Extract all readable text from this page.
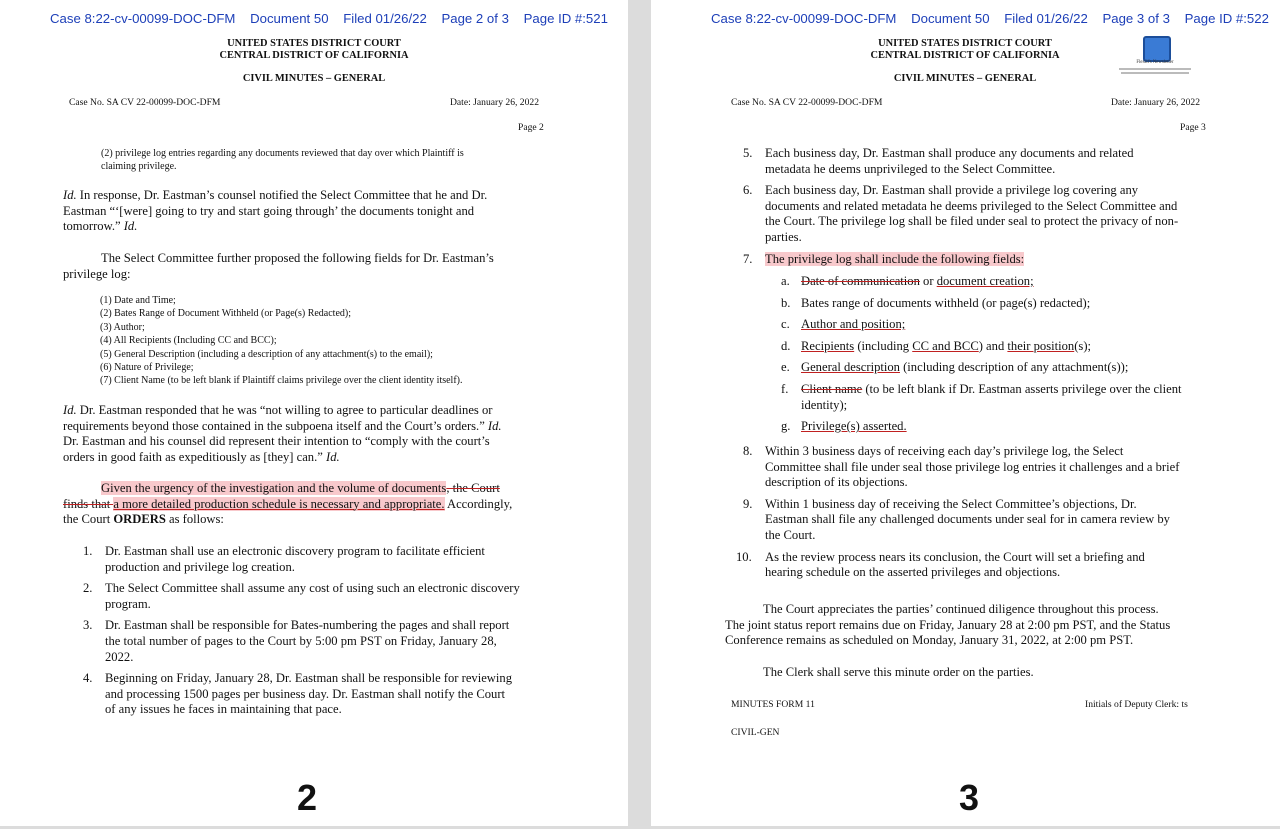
Case 8:22-cv-00099-DOC-DFM Document 50 Filed 01/26/22 Page 2 of 3 Page ID #:521
UNITED STATES DISTRICT COURT
CENTRAL DISTRICT OF CALIFORNIA
CIVIL MINUTES – GENERAL
Case No. SA CV 22-00099-DOC-DFM	Date: January 26, 2022
Page 2
(2) privilege log entries regarding any documents reviewed that day over which Plaintiff is
claiming privilege.
Id. In response, Dr. Eastman’s counsel notified the Select Committee that he and Dr.
Eastman “‘[were] going to try and start going through’ the documents tonight and
tomorrow.” Id.
The Select Committee further proposed the following fields for Dr. Eastman’s
privilege log:
(1) Date and Time;
(2) Bates Range of Document Withheld (or Page(s) Redacted);
(3) Author;
(4) All Recipients (Including CC and BCC);
(5) General Description (including a description of any attachment(s) to the email);
(6) Nature of Privilege;
(7) Client Name (to be left blank if Plaintiff claims privilege over the client identity itself).
Id. Dr. Eastman responded that he was “not willing to agree to particular deadlines or
requirements beyond those contained in the subpoena itself and the Court’s orders.” Id.
Dr. Eastman and his counsel did represent their intention to “comply with the court’s
orders in good faith as expeditiously as [they] can.” Id.
Given the urgency of the investigation and the volume of documents, the Court
finds that a more detailed production schedule is necessary and appropriate. Accordingly,
the Court ORDERS as follows:
1. Dr. Eastman shall use an electronic discovery program to facilitate efficient
production and privilege log creation.
2. The Select Committee shall assume any cost of using such an electronic discovery
program.
3. Dr. Eastman shall be responsible for Bates-numbering the pages and shall report
the total number of pages to the Court by 5:00 pm PST on Friday, January 28,
2022.
4. Beginning on Friday, January 28, Dr. Eastman shall be responsible for reviewing
and processing 1500 pages per business day. Dr. Eastman shall notify the Court
of any issues he faces in maintaining that pace.
2
Case 8:22-cv-00099-DOC-DFM Document 50 Filed 01/26/22 Page 3 of 3 Page ID #:522
UNITED STATES DISTRICT COURT
CENTRAL DISTRICT OF CALIFORNIA
CIVIL MINUTES – GENERAL
Flexill's Newsletter
Case No. SA CV 22-00099-DOC-DFM	Date: January 26, 2022
Page 3
5. Each business day, Dr. Eastman shall produce any documents and related
metadata he deems unprivileged to the Select Committee.
6. Each business day, Dr. Eastman shall provide a privilege log covering any
documents and related metadata he deems privileged to the Select Committee and
the Court. The privilege log shall be filed under seal to protect the privacy of non-
parties.
7. The privilege log shall include the following fields:
a. Date of communication or document creation;
b. Bates range of documents withheld (or page(s) redacted);
c. Author and position;
d. Recipients (including CC and BCC) and their position(s);
e. General description (including description of any attachment(s));
f. Client name (to be left blank if Dr. Eastman asserts privilege over the client
identity);
g. Privilege(s) asserted.
8. Within 3 business days of receiving each day’s privilege log, the Select
Committee shall file under seal those privilege log entries it challenges and a brief
description of its objections.
9. Within 1 business day of receiving the Select Committee’s objections, Dr.
Eastman shall file any challenged documents under seal for in camera review by
the Court.
10. As the review process nears its conclusion, the Court will set a briefing and
hearing schedule on the asserted privileges and objections.
The Court appreciates the parties’ continued diligence throughout this process.
The joint status report remains due on Friday, January 28 at 2:00 pm PST, and the Status
Conference remains as scheduled on Monday, January 31, 2022, at 2:00 pm PST.
The Clerk shall serve this minute order on the parties.
MINUTES FORM 11	Initials of Deputy Clerk: ts
CIVIL-GEN
3
